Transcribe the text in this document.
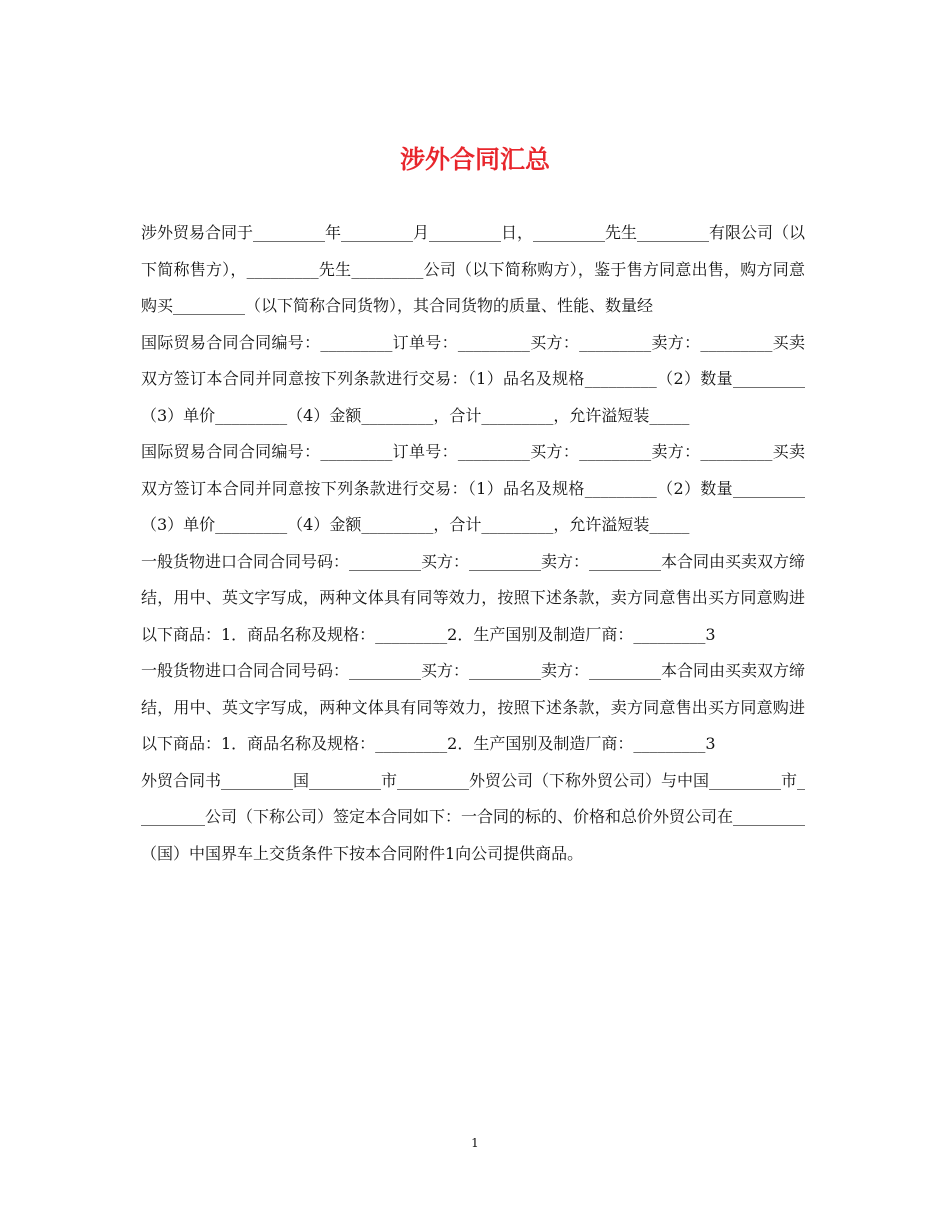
涉外合同汇总

涉外贸易合同于_________年_________月_________日，_________先生_________有限公司（以下简称售方），_________先生_________公司（以下简称购方），鉴于售方同意出售，购方同意购买_________（以下简称合同货物），其合同货物的质量、性能、数量经

国际贸易合同合同编号：_________订单号：_________买方：_________卖方：_________买卖双方签订本合同并同意按下列条款进行交易：（1）品名及规格_________（2）数量_________（3）单价_________（4）金额_________，合计_________，允许溢短装_____

国际贸易合同合同编号：_________订单号：_________买方：_________卖方：_________买卖双方签订本合同并同意按下列条款进行交易：（1）品名及规格_________（2）数量_________（3）单价_________（4）金额_________，合计_________，允许溢短装_____

一般货物进口合同合同号码：_________买方：_________卖方：_________本合同由买卖双方缔结，用中、英文字写成，两种文体具有同等效力，按照下述条款，卖方同意售出买方同意购进以下商品：1．商品名称及规格：_________2．生产国别及制造厂商：_________3

一般货物进口合同合同号码：_________买方：_________卖方：_________本合同由买卖双方缔结，用中、英文字写成，两种文体具有同等效力，按照下述条款，卖方同意售出买方同意购进以下商品：1．商品名称及规格：_________2．生产国别及制造厂商：_________3

外贸合同书_________国_________市_________外贸公司（下称外贸公司）与中国_________市_________公司（下称公司）签定本合同如下：一合同的标的、价格和总价外贸公司在_________（国）中国界车上交货条件下按本合同附件1向公司提供商品。

1
